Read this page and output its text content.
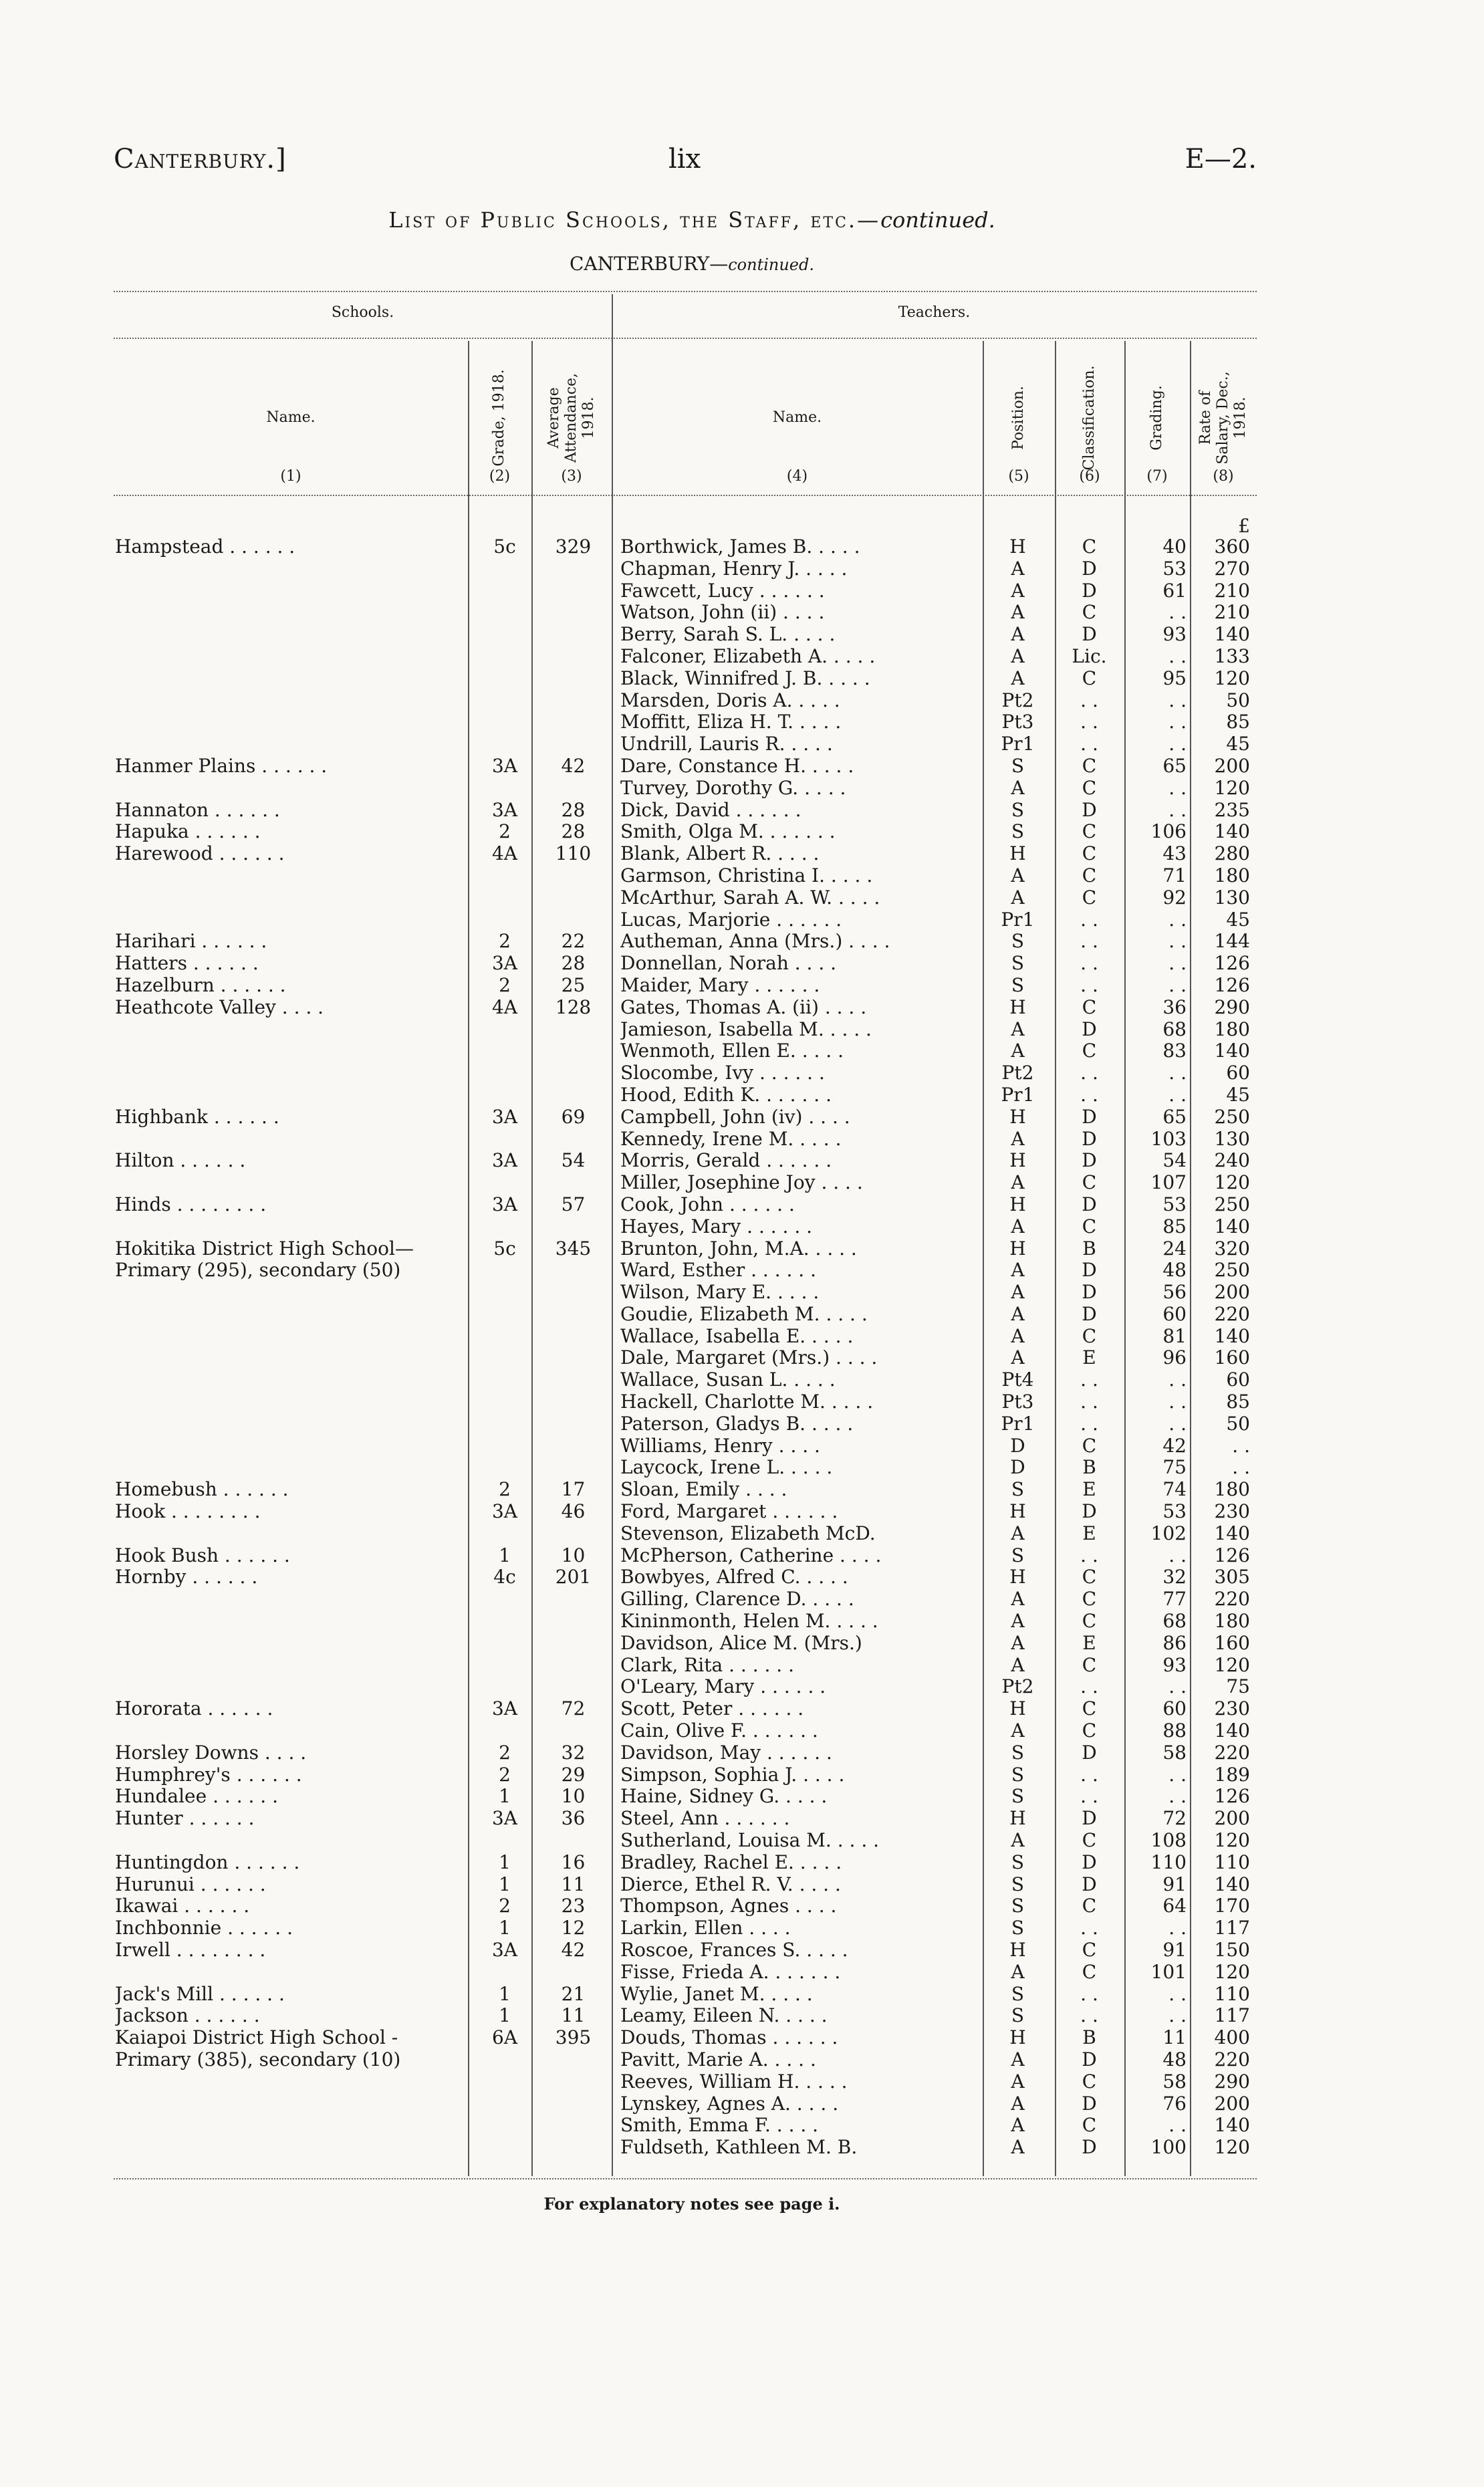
Canterbury.]	lix	E—2.
List of Public Schools, the Staff, etc.—continued.
CANTERBURY—continued.
Schools.	Teachers.
Name.	Grade, 1918.	Average Attendance, 1918.	Name.	Position.	Classification.	Grading.	Rate of Salary, Dec., 1918.
(1)	(2)	(3)	(4)	(5)	(6)	(7)	(8)
£
Hampstead . . . . . .	5c	329	Borthwick, James B. . . . .	H	C	40	360
Chapman, Henry J. . . . .	A	D	53	270
Fawcett, Lucy . . . . . .	A	D	61	210
Watson, John (ii) . . . .	A	C	. .	210
Berry, Sarah S. L. . . . .	A	D	93	140
Falconer, Elizabeth A. . . . .	A	Lic.	. .	133
Black, Winnifred J. B. . . . .	A	C	95	120
Marsden, Doris A. . . . .	Pt2	. .	. .	50
Moffitt, Eliza H. T. . . . .	Pt3	. .	. .	85
Undrill, Lauris R. . . . .	Pr1	. .	. .	45
Hanmer Plains . . . . . .	3A	42	Dare, Constance H. . . . .	S	C	65	200
Turvey, Dorothy G. . . . .	A	C	. .	120
Hannaton . . . . . .	3A	28	Dick, David . . . . . .	S	D	. .	235
Hapuka . . . . . .	2	28	Smith, Olga M. . . . . . .	S	C	106	140
Harewood . . . . . .	4A	110	Blank, Albert R. . . . .	H	C	43	280
Garmson, Christina I. . . . .	A	C	71	180
McArthur, Sarah A. W. . . . .	A	C	92	130
Lucas, Marjorie . . . . . .	Pr1	. .	. .	45
Harihari . . . . . .	2	22	Autheman, Anna (Mrs.) . . . .	S	. .	. .	144
Hatters . . . . . .	3A	28	Donnellan, Norah . . . .	S	. .	. .	126
Hazelburn . . . . . .	2	25	Maider, Mary . . . . . .	S	. .	. .	126
Heathcote Valley . . . .	4A	128	Gates, Thomas A. (ii) . . . .	H	C	36	290
Jamieson, Isabella M. . . . .	A	D	68	180
Wenmoth, Ellen E. . . . .	A	C	83	140
Slocombe, Ivy . . . . . .	Pt2	. .	. .	60
Hood, Edith K. . . . . . .	Pr1	. .	. .	45
Highbank . . . . . .	3A	69	Campbell, John (iv) . . . .	H	D	65	250
Kennedy, Irene M. . . . .	A	D	103	130
Hilton . . . . . .	3A	54	Morris, Gerald . . . . . .	H	D	54	240
Miller, Josephine Joy . . . .	A	C	107	120
Hinds . . . . . . . .	3A	57	Cook, John . . . . . .	H	D	53	250
Hayes, Mary . . . . . .	A	C	85	140
Hokitika District High School—	5c	345	Brunton, John, M.A. . . . .	H	B	24	320
Primary (295), secondary (50)	Ward, Esther . . . . . .	A	D	48	250
Wilson, Mary E. . . . .	A	D	56	200
Goudie, Elizabeth M. . . . .	A	D	60	220
Wallace, Isabella E. . . . .	A	C	81	140
Dale, Margaret (Mrs.) . . . .	A	E	96	160
Wallace, Susan L. . . . .	Pt4	. .	. .	60
Hackell, Charlotte M. . . . .	Pt3	. .	. .	85
Paterson, Gladys B. . . . .	Pr1	. .	. .	50
Williams, Henry . . . .	D	C	42	. .
Laycock, Irene L. . . . .	D	B	75	. .
Homebush . . . . . .	2	17	Sloan, Emily . . . .	S	E	74	180
Hook . . . . . . . .	3A	46	Ford, Margaret . . . . . .	H	D	53	230
Stevenson, Elizabeth McD.	A	E	102	140
Hook Bush . . . . . .	1	10	McPherson, Catherine . . . .	S	. .	. .	126
Hornby . . . . . .	4c	201	Bowbyes, Alfred C. . . . .	H	C	32	305
Gilling, Clarence D. . . . .	A	C	77	220
Kininmonth, Helen M. . . . .	A	C	68	180
Davidson, Alice M. (Mrs.)	A	E	86	160
Clark, Rita . . . . . .	A	C	93	120
O'Leary, Mary . . . . . .	Pt2	. .	. .	75
Hororata . . . . . .	3A	72	Scott, Peter . . . . . .	H	C	60	230
Cain, Olive F. . . . . . .	A	C	88	140
Horsley Downs . . . .	2	32	Davidson, May . . . . . .	S	D	58	220
Humphrey's . . . . . .	2	29	Simpson, Sophia J. . . . .	S	. .	. .	189
Hundalee . . . . . .	1	10	Haine, Sidney G. . . . .	S	. .	. .	126
Hunter . . . . . .	3A	36	Steel, Ann . . . . . .	H	D	72	200
Sutherland, Louisa M. . . . .	A	C	108	120
Huntingdon . . . . . .	1	16	Bradley, Rachel E. . . . .	S	D	110	110
Hurunui . . . . . .	1	11	Dierce, Ethel R. V. . . . .	S	D	91	140
Ikawai . . . . . .	2	23	Thompson, Agnes . . . .	S	C	64	170
Inchbonnie . . . . . .	1	12	Larkin, Ellen . . . .	S	. .	. .	117
Irwell . . . . . . . .	3A	42	Roscoe, Frances S. . . . .	H	C	91	150
Fisse, Frieda A. . . . . . .	A	C	101	120
Jack's Mill . . . . . .	1	21	Wylie, Janet M. . . . .	S	. .	. .	110
Jackson . . . . . .	1	11	Leamy, Eileen N. . . . .	S	. .	. .	117
Kaiapoi District High School -	6A	395	Douds, Thomas . . . . . .	H	B	11	400
Primary (385), secondary (10)	Pavitt, Marie A. . . . .	A	D	48	220
Reeves, William H. . . . .	A	C	58	290
Lynskey, Agnes A. . . . .	A	D	76	200
Smith, Emma F. . . . .	A	C	. .	140
Fuldseth, Kathleen M. B.	A	D	100	120
For explanatory notes see page i.
